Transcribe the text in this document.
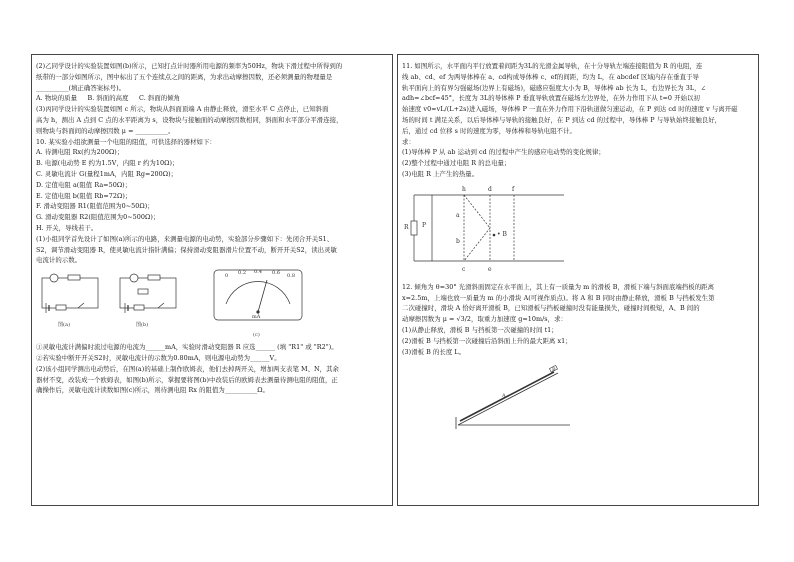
(2)乙同学设计的实验装置如图(b)所示，已知打点计时器所用电源的频率为50Hz，物块下滑过程中所得到的
纸带的一部分如图所示，图中标出了五个连续点之间的距离，为求出动摩擦因数，还必须测量的物理量是
__________(填正确答案标号)。
A. 物块的质量 B. 斜面的高度 C. 斜面的倾角
(3)丙同学设计的实验装置如图 c 所示，物块从斜面顶端 A 由静止释放，滑至水平 C 点停止，已知斜面
高为 h，测出 A 点到 C 点的水平距离为 s，设物块与接触面的动摩擦因数相同，斜面和水平部分平滑连接，
则物块与斜面间的动摩擦因数 μ = __________。
10. 某实验小组欲测量一个电阻的阻值，可供选择的器材如下：
A. 待测电阻 Rx(约为200Ω)；
B. 电源(电动势 E 约为1.5V，内阻 r 约为10Ω)；
C. 灵敏电流计 G(量程1mA，内阻 Rg=200Ω)；
D. 定值电阻 a(阻值 Ra=50Ω)；
E. 定值电阻 b(阻值 Rb=72Ω)；
F. 滑动变阻器 R1(阻值范围为0~50Ω)；
G. 滑动变阻器 R2(阻值范围为0~500Ω)；
H. 开关，导线若干。
(1)小组同学首先设计了如图(a)所示的电路，来测量电源的电动势，实验部分步骤如下：先闭合开关S1、
S2，调节滑动变阻器 R，使灵敏电流计指针满偏；保持滑动变阻器滑片位置不动，断开开关S2，读出灵敏
电流计的示数。
图(a)	图(b)
0 0.2 0.4 0.6 0.8
mA
(c)
①灵敏电流计满偏时流过电源的电流为______mA，实验时滑动变阻器 R 应选______ (填 "R1" 或 "R2")。
②若实验中断开开关S2时，灵敏电流计的示数为0.80mA，则电源电动势为______V。
(2)该小组同学测出电动势后，在图(a)的基础上制作欧姆表，他们去掉两开关，增加两支表笔 M、N，其余
器材不变，改装成一个欧姆表，如图(b)所示，掌握要将图(b)中改装后的欧姆表去测量待测电阻的阻值，正
确操作后，灵敏电流计读数如图(c)所示，则待测电阻 Rx 的阻值为__________Ω。
11. 如图所示，水平面内平行放置着间距为3L的光滑金属导轨，在十分导轨左端连接阻值为 R 的电阻，连
线 ab、cd、ef 为两导体棒在 a、cd构成导体棒 c、ef的间距，均为 L，在 abcdef 区域内存在垂直于导
轨平面向上的有界匀强磁场(边界上有磁场)，磁感应强度大小为 B，导体棒 ab 长为 L，右边界长为 3L，∠
adh=∠bcf=45°，长度为 3L的导体棒 P 垂直导轨放置在磁场左边界处，在外力作用下从 t=0 开始以初
始速度 v0=vL/(L+2s)进入磁场，导体棒 P 一直在外力作用下沿轨道做匀速运动，在 P 到达 cd 时的速度 v 与离开磁
场的时间 t 满足关系，以后导体棒与导轨的接触良好，在 P 到达 cd 的过程中，导体棒 P 与导轨始终接触良好，
后，通过 cd 位移 s 时的速度为零，导体棒和导轨电阻不计。
求：
(1)导体棒 P 从 ab 运动到 cd 的过程中产生的感应电动势的变化规律；
(2)整个过程中通过电阻 R 的总电量；
(3)电阻 R 上产生的热量。
R P
h	d	f
a
b
• B
c	e
12. 倾角为 θ=30° 光滑斜面固定在水平面上，其上有一质量为 m 的滑板 B，滑板下端与斜面底端挡板的距离
x=2.5m，上端也放一质量为 m 的小滑块 A(可视作质点)。将 A 和 B 同时由静止释放，滑板 B 与挡板发生第
二次碰撞时，滑块 A 恰好离开滑板 B，已知滑板与挡板碰撞时没有能量损失，碰撞时间极短，A、B 间的
动摩擦因数为 μ = √3/2，取重力加速度 g=10m/s，求：
(1)从静止释放，滑板 B 与挡板第一次碰撞的时间 t1；
(2)滑板 B 与挡板第一次碰撞后沿斜面上升的最大距离 x1；
(3)滑板 B 的长度 L。
A
B
